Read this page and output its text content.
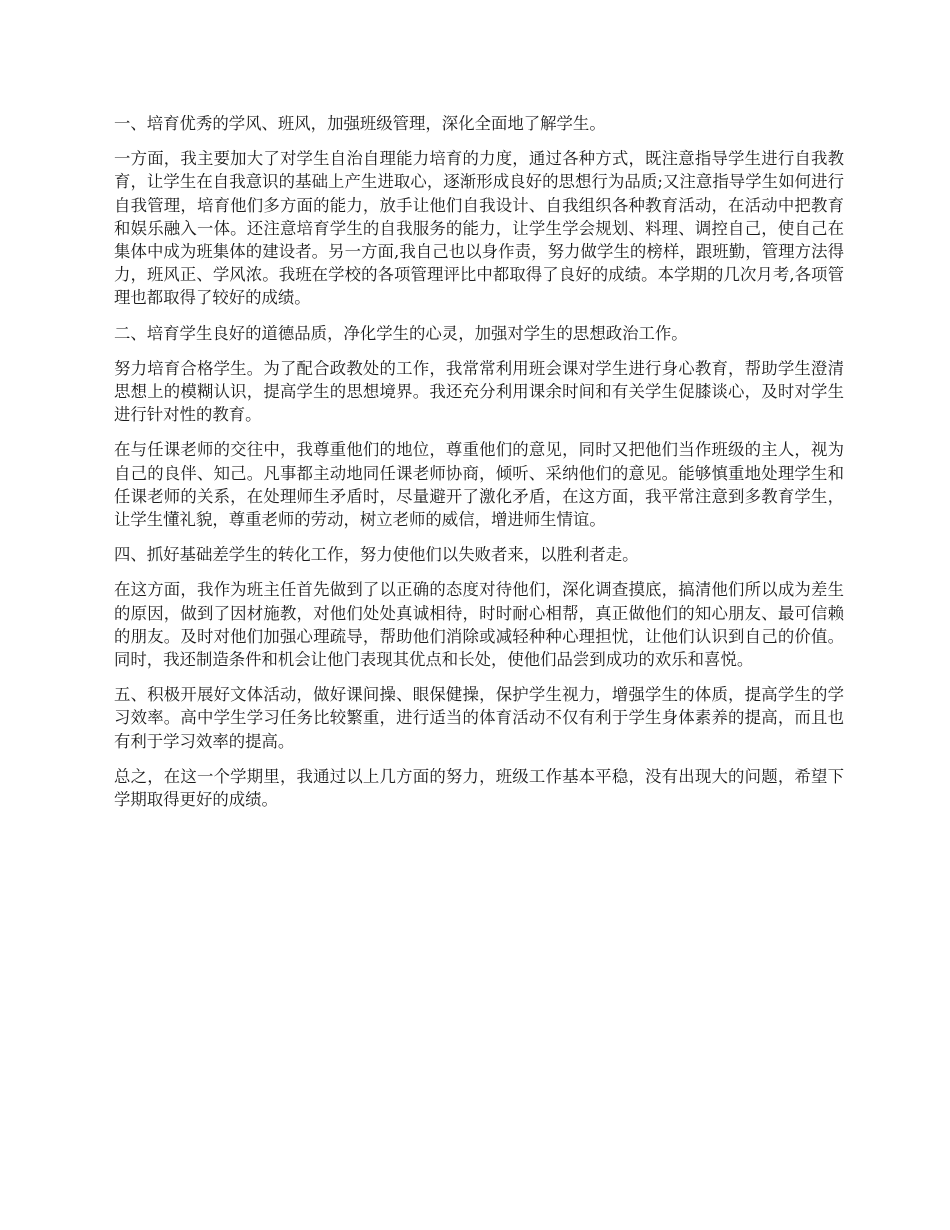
一、培育优秀的学风、班风，加强班级管理，深化全面地了解学生。

一方面，我主要加大了对学生自治自理能力培育的力度，通过各种方式，既注意指导学生进行自我教育，让学生在自我意识的基础上产生进取心，逐渐形成良好的思想行为品质;又注意指导学生如何进行自我管理，培育他们多方面的能力，放手让他们自我设计、自我组织各种教育活动，在活动中把教育和娱乐融入一体。还注意培育学生的自我服务的能力，让学生学会规划、料理、调控自己，使自己在集体中成为班集体的建设者。另一方面,我自己也以身作责，努力做学生的榜样，跟班勤，管理方法得力，班风正、学风浓。我班在学校的各项管理评比中都取得了良好的成绩。本学期的几次月考,各项管理也都取得了较好的成绩。

二、培育学生良好的道德品质，净化学生的心灵，加强对学生的思想政治工作。

努力培育合格学生。为了配合政教处的工作，我常常利用班会课对学生进行身心教育，帮助学生澄清思想上的模糊认识，提高学生的思想境界。我还充分利用课余时间和有关学生促膝谈心，及时对学生进行针对性的教育。

在与任课老师的交往中，我尊重他们的地位，尊重他们的意见，同时又把他们当作班级的主人，视为自己的良伴、知己。凡事都主动地同任课老师协商，倾听、采纳他们的意见。能够慎重地处理学生和任课老师的关系，在处理师生矛盾时，尽量避开了激化矛盾，在这方面，我平常注意到多教育学生，让学生懂礼貌，尊重老师的劳动，树立老师的威信，增进师生情谊。

四、抓好基础差学生的转化工作，努力使他们以失败者来，以胜利者走。

在这方面，我作为班主任首先做到了以正确的态度对待他们，深化调查摸底，搞清他们所以成为差生的原因，做到了因材施教，对他们处处真诚相待，时时耐心相帮，真正做他们的知心朋友、最可信赖的朋友。及时对他们加强心理疏导，帮助他们消除或减轻种种心理担忧，让他们认识到自己的价值。同时，我还制造条件和机会让他门表现其优点和长处，使他们品尝到成功的欢乐和喜悦。

五、积极开展好文体活动，做好课间操、眼保健操，保护学生视力，增强学生的体质，提高学生的学习效率。高中学生学习任务比较繁重，进行适当的体育活动不仅有利于学生身体素养的提高，而且也有利于学习效率的提高。

总之，在这一个学期里，我通过以上几方面的努力，班级工作基本平稳，没有出现大的问题，希望下学期取得更好的成绩。
